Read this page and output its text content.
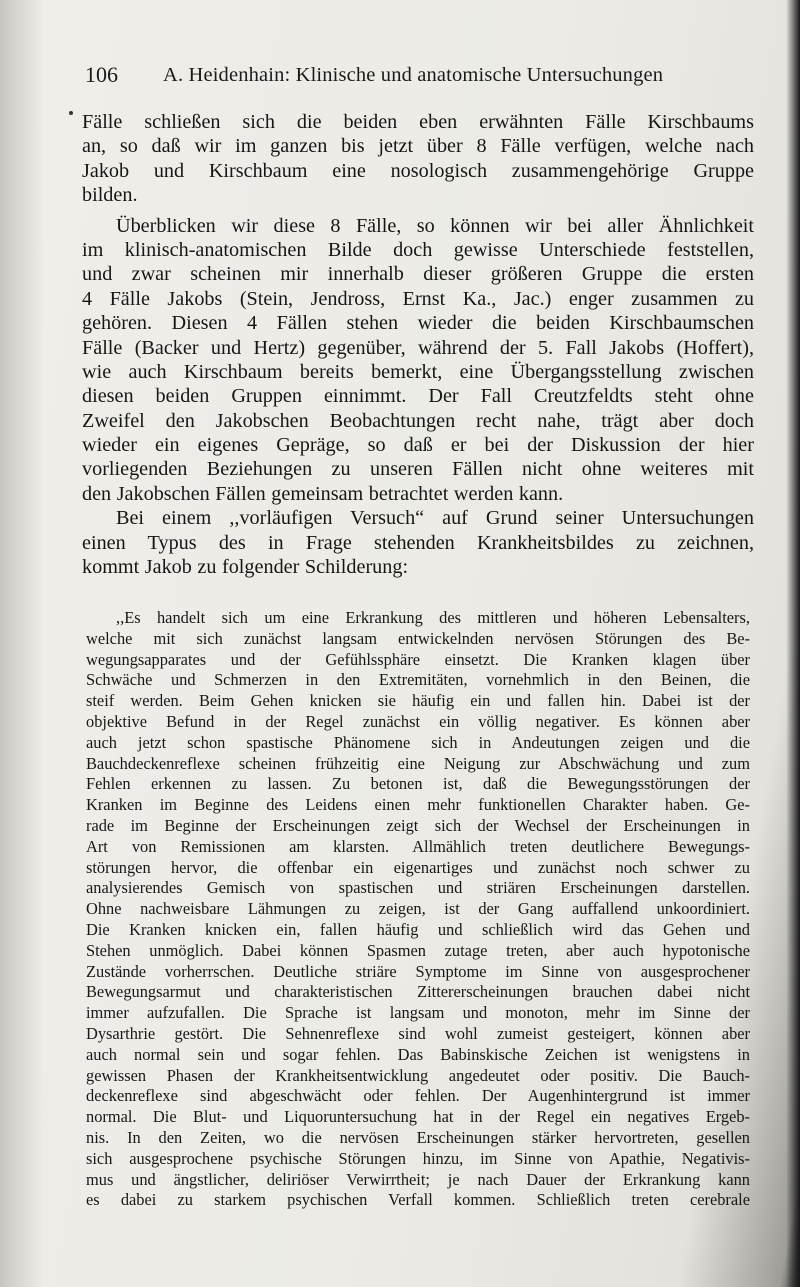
106 A. Heidenhain: Klinische und anatomische Untersuchungen
Fälle schließen sich die beiden eben erwähnten Fälle Kirschbaums
an, so daß wir im ganzen bis jetzt über 8 Fälle verfügen, welche nach
Jakob und Kirschbaum eine nosologisch zusammengehörige Gruppe
bilden.
Überblicken wir diese 8 Fälle, so können wir bei aller Ähnlichkeit
im klinisch-anatomischen Bilde doch gewisse Unterschiede feststellen,
und zwar scheinen mir innerhalb dieser größeren Gruppe die ersten
4 Fälle Jakobs (Stein, Jendross, Ernst Ka., Jac.) enger zusammen zu
gehören. Diesen 4 Fällen stehen wieder die beiden Kirschbaumschen
Fälle (Backer und Hertz) gegenüber, während der 5. Fall Jakobs (Hoffert),
wie auch Kirschbaum bereits bemerkt, eine Übergangsstellung zwischen
diesen beiden Gruppen einnimmt. Der Fall Creutzfeldts steht ohne
Zweifel den Jakobschen Beobachtungen recht nahe, trägt aber doch
wieder ein eigenes Gepräge, so daß er bei der Diskussion der hier
vorliegenden Beziehungen zu unseren Fällen nicht ohne weiteres mit
den Jakobschen Fällen gemeinsam betrachtet werden kann.
Bei einem ,,vorläufigen Versuch“ auf Grund seiner Untersuchungen
einen Typus des in Frage stehenden Krankheitsbildes zu zeichnen,
kommt Jakob zu folgender Schilderung:
,,Es handelt sich um eine Erkrankung des mittleren und höheren Lebensalters,
welche mit sich zunächst langsam entwickelnden nervösen Störungen des Be-
wegungsapparates und der Gefühlssphäre einsetzt. Die Kranken klagen über
Schwäche und Schmerzen in den Extremitäten, vornehmlich in den Beinen, die
steif werden. Beim Gehen knicken sie häufig ein und fallen hin. Dabei ist der
objektive Befund in der Regel zunächst ein völlig negativer. Es können aber
auch jetzt schon spastische Phänomene sich in Andeutungen zeigen und die
Bauchdeckenreflexe scheinen frühzeitig eine Neigung zur Abschwächung und zum
Fehlen erkennen zu lassen. Zu betonen ist, daß die Bewegungsstörungen der
Kranken im Beginne des Leidens einen mehr funktionellen Charakter haben. Ge-
rade im Beginne der Erscheinungen zeigt sich der Wechsel der Erscheinungen in
Art von Remissionen am klarsten. Allmählich treten deutlichere Bewegungs-
störungen hervor, die offenbar ein eigenartiges und zunächst noch schwer zu
analysierendes Gemisch von spastischen und striären Erscheinungen darstellen.
Ohne nachweisbare Lähmungen zu zeigen, ist der Gang auffallend unkoordiniert.
Die Kranken knicken ein, fallen häufig und schließlich wird das Gehen und
Stehen unmöglich. Dabei können Spasmen zutage treten, aber auch hypotonische
Zustände vorherrschen. Deutliche striäre Symptome im Sinne von ausgesprochener
Bewegungsarmut und charakteristischen Zittererscheinungen brauchen dabei nicht
immer aufzufallen. Die Sprache ist langsam und monoton, mehr im Sinne der
Dysarthrie gestört. Die Sehnenreflexe sind wohl zumeist gesteigert, können aber
auch normal sein und sogar fehlen. Das Babinskische Zeichen ist wenigstens in
gewissen Phasen der Krankheitsentwicklung angedeutet oder positiv. Die Bauch-
deckenreflexe sind abgeschwächt oder fehlen. Der Augenhintergrund ist immer
normal. Die Blut- und Liquoruntersuchung hat in der Regel ein negatives Ergeb-
nis. In den Zeiten, wo die nervösen Erscheinungen stärker hervortreten, gesellen
sich ausgesprochene psychische Störungen hinzu, im Sinne von Apathie, Negativis-
mus und ängstlicher, deliriöser Verwirrtheit; je nach Dauer der Erkrankung kann
es dabei zu starkem psychischen Verfall kommen. Schließlich treten cerebrale
